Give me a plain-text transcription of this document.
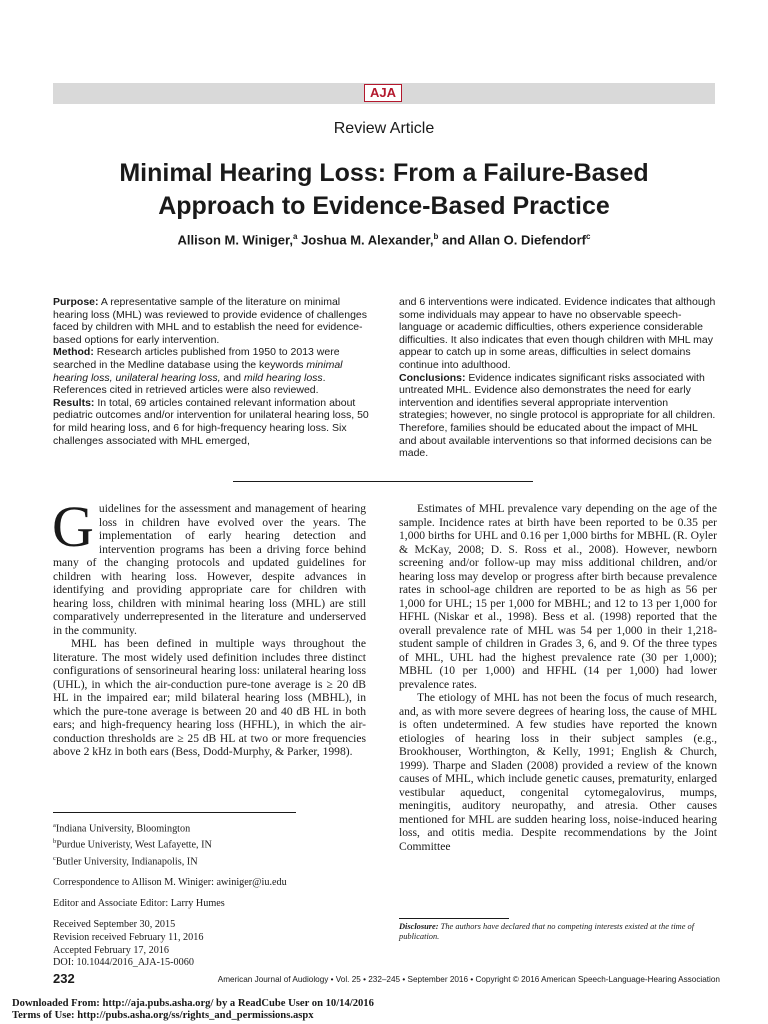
AJA
Review Article
Minimal Hearing Loss: From a Failure-Based
Approach to Evidence-Based Practice
Allison M. Winiger,$^a$ Joshua M. Alexander,$^b$ and Allan O. Diefendorf$^c$

Purpose: A representative sample of the literature on minimal hearing loss (MHL) was reviewed to provide evidence of challenges faced by children with MHL and to establish the need for evidence-based options for early intervention.

Method: Research articles published from 1950 to 2013 were searched in the Medline database using the keywords minimal hearing loss, unilateral hearing loss, and mild hearing loss. References cited in retrieved articles were also reviewed.

Results: In total, 69 articles contained relevant information about pediatric outcomes and/or intervention for unilateral hearing loss, 50 for mild hearing loss, and 6 for high-frequency hearing loss. Six challenges associated with MHL emerged,

and 6 interventions were indicated. Evidence indicates that although some individuals may appear to have no observable speech-language or academic difficulties, others experience considerable difficulties. It also indicates that even though children with MHL may appear to catch up in some areas, difficulties in select domains continue into adulthood.

Conclusions: Evidence indicates significant risks associated with untreated MHL. Evidence also demonstrates the need for early intervention and identifies several appropriate intervention strategies; however, no single protocol is appropriate for all children. Therefore, families should be educated about the impact of MHL and about available interventions so that informed decisions can be made.

Guidelines for the assessment and management of hearing loss in children have evolved over the years. The implementation of early hearing detection and intervention programs has been a driving force behind many of the changing protocols and updated guidelines for children with hearing loss. However, despite advances in identifying and providing appropriate care for children with hearing loss, children with minimal hearing loss (MHL) are still comparatively underrepresented in the literature and underserved in the community.

MHL has been defined in multiple ways throughout the literature. The most widely used definition includes three distinct configurations of sensorineural hearing loss: unilateral hearing loss (UHL), in which the air-conduction pure-tone average is ≥ 20 dB HL in the impaired ear; mild bilateral hearing loss (MBHL), in which the pure-tone average is between 20 and 40 dB HL in both ears; and high-frequency hearing loss (HFHL), in which the air-conduction thresholds are ≥ 25 dB HL at two or more frequencies above 2 kHz in both ears (Bess, Dodd-Murphy, & Parker, 1998).

Estimates of MHL prevalence vary depending on the age of the sample. Incidence rates at birth have been reported to be 0.35 per 1,000 births for UHL and 0.16 per 1,000 births for MBHL (R. Oyler & McKay, 2008; D. S. Ross et al., 2008). However, newborn screening and/or follow-up may miss additional children, and/or hearing loss may develop or progress after birth because prevalence rates in school-age children are reported to be as high as 56 per 1,000 for UHL; 15 per 1,000 for MBHL; and 12 to 13 per 1,000 for HFHL (Niskar et al., 1998). Bess et al. (1998) reported that the overall prevalence rate of MHL was 54 per 1,000 in their 1,218-student sample of children in Grades 3, 6, and 9. Of the three types of MHL, UHL had the highest prevalence rate (30 per 1,000); MBHL (10 per 1,000) and HFHL (14 per 1,000) had lower prevalence rates.

The etiology of MHL has not been the focus of much research, and, as with more severe degrees of hearing loss, the cause of MHL is often undetermined. A few studies have reported the known etiologies of hearing loss in their subject samples (e.g., Brookhouser, Worthington, & Kelly, 1991; English & Church, 1999). Tharpe and Sladen (2008) provided a review of the known causes of MHL, which include genetic causes, prematurity, enlarged vestibular aqueduct, congenital cytomegalovirus, mumps, meningitis, auditory neuropathy, and atresia. Other causes mentioned for MHL are sudden hearing loss, noise-induced hearing loss, and otitis media. Despite recommendations by the Joint Committee

$^a$Indiana University, Bloomington

$^b$Purdue Univeristy, West Lafayette, IN

$^c$Butler University, Indianapolis, IN

Correspondence to Allison M. Winiger: awiniger@iu.edu

Editor and Associate Editor: Larry Humes

Received September 30, 2015

Revision received February 11, 2016

Accepted February 17, 2016

DOI: 10.1044/2016_AJA-15-0060

Disclosure: The authors have declared that no competing interests existed at the time of publication.
232	American Journal of Audiology • Vol. 25 • 232–245 • September 2016 • Copyright © 2016 American Speech-Language-Hearing Association
Downloaded From: http://aja.pubs.asha.org/ by a ReadCube User on 10/14/2016
Terms of Use: http://pubs.asha.org/ss/rights_and_permissions.aspx
